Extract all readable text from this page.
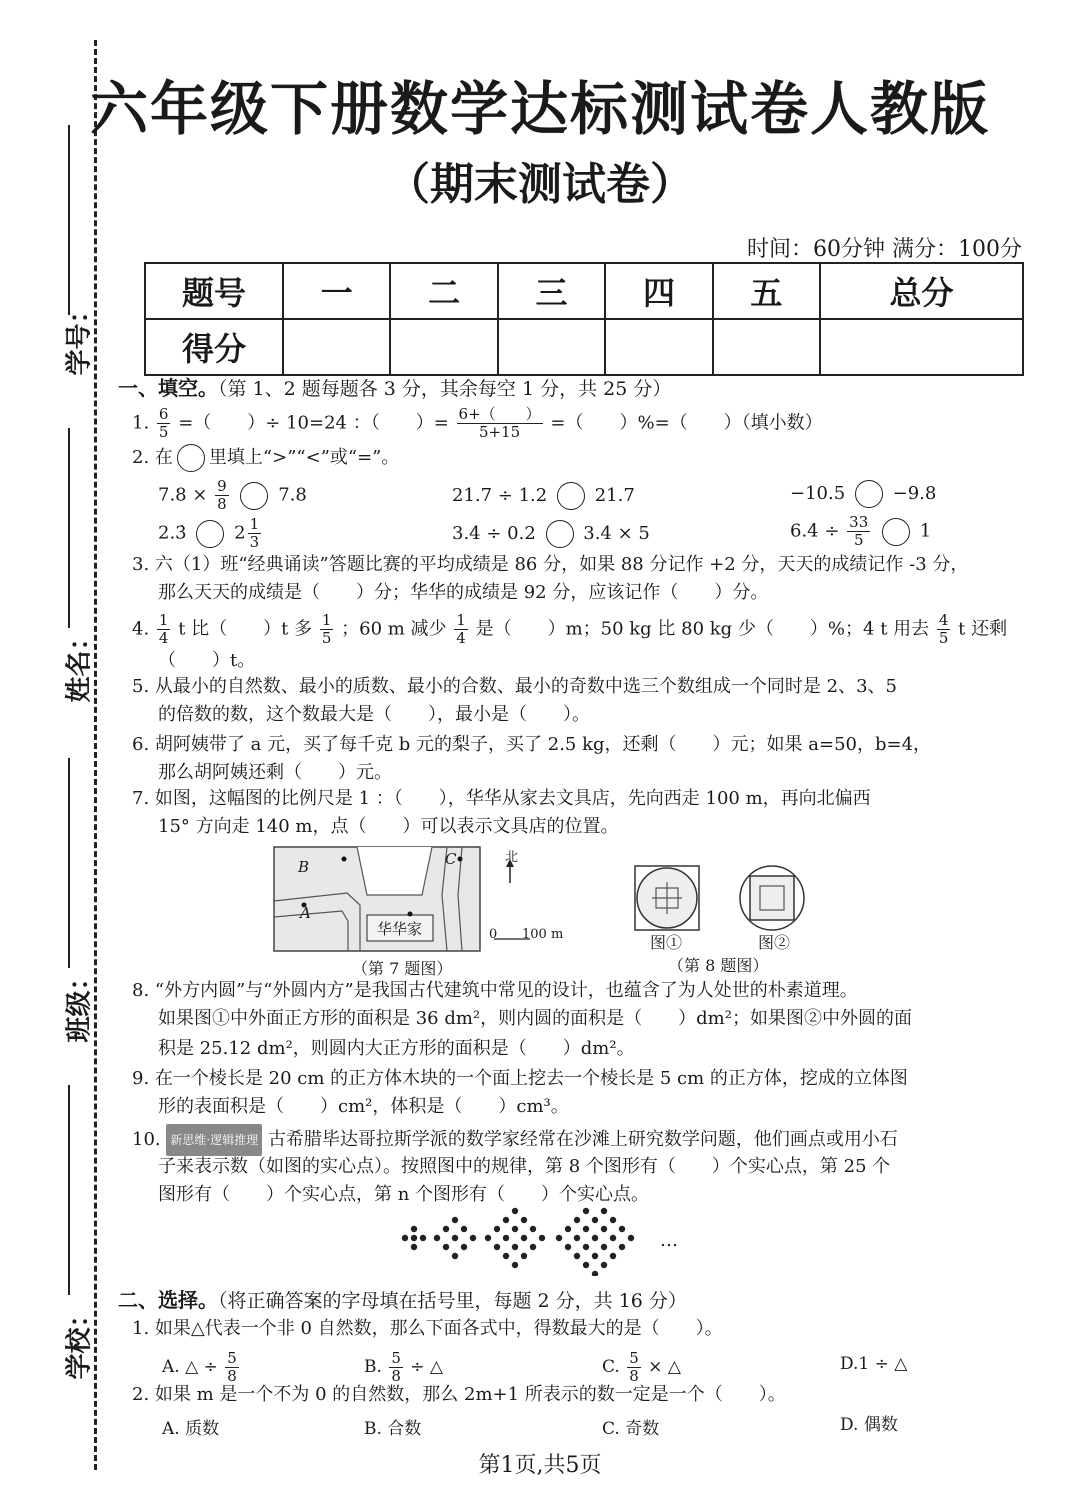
学号：
姓名：
班级：
学校：
六年级下册数学达标测试卷人教版
（期末测试卷）
时间：60分钟 满分：100分
题号	一	二	三	四	五	总分
得分						
一、填空。（第 1、2 题每题各 3 分，其余每空 1 分，共 25 分）
1. $\frac{6}{5}$ =（　　）÷ 10=24 ：（　　）= $\frac{6+( )}{5+15}$ =（　　）%=（　　）（填小数）
2. 在 里填上“>”“<”或“=”。
$7.8 \times \frac{9}{8}$	7.8	21.7 ÷ 1.2	21.7	−10.5	−9.8
2.3̇	$2 \frac{1}{3}$	3.4 ÷ 0.2	3.4 × 5	$6.4 \div \frac{33}{5}$	1
3. 六（1）班“经典诵读”答题比赛的平均成绩是 86 分，如果 88 分记作 +2 分，天天的成绩记作 -3 分，
那么天天的成绩是（　　）分；华华的成绩是 92 分，应该记作（　　）分。
4. $\frac{1}{4}$ t 比（　　）t 多 $\frac{1}{5}$ ；60 m 减少 $\frac{1}{4}$ 是（　　）m；50 kg 比 80 kg 少（　　）%；4 t 用去 $\frac{4}{5}$ t 还剩
（　　）t。
5. 从最小的自然数、最小的质数、最小的合数、最小的奇数中选三个数组成一个同时是 2、3、5
的倍数的数，这个数最大是（　　），最小是（　　）。
6. 胡阿姨带了 a 元，买了每千克 b 元的梨子，买了 2.5 kg，还剩（　　）元；如果 a=50，b=4，
那么胡阿姨还剩（　　）元。
7. 如图，这幅图的比例尺是 1 ：（　　），华华从家去文具店，先向西走 100 m，再向北偏西
15° 方向走 140 m，点（　　）可以表示文具店的位置。
B
A
C
华华家
北
0 100 m
（第 7 题图）
图①	图②
（第 8 题图）
8. “外方内圆”与“外圆内方”是我国古代建筑中常见的设计，也蕴含了为人处世的朴素道理。
如果图①中外面正方形的面积是 36 dm²，则内圆的面积是（　　）dm²；如果图②中外圆的面
积是 25.12 dm²，则圆内大正方形的面积是（　　）dm²。
9. 在一个棱长是 20 cm 的正方体木块的一个面上挖去一个棱长是 5 cm 的正方体，挖成的立体图
形的表面积是（　　）cm²，体积是（　　）cm³。
10. 新思维·逻辑推理 古希腊毕达哥拉斯学派的数学家经常在沙滩上研究数学问题，他们画点或用小石
子来表示数（如图的实心点）。按照图中的规律，第 8 个图形有（　　）个实心点，第 25 个
图形有（　　）个实心点，第 n 个图形有（　　）个实心点。
…
二、选择。（将正确答案的字母填在括号里，每题 2 分，共 16 分）
1. 如果△代表一个非 0 自然数，那么下面各式中，得数最大的是（　　）。
A. △ ÷ $\frac{5}{8}$	B. $\frac{5}{8}$ ÷ △	C. $\frac{5}{8}$ × △	D.1 ÷ △
2. 如果 m 是一个不为 0 的自然数，那么 2m+1 所表示的数一定是一个（　　）。
A. 质数	B. 合数	C. 奇数	D. 偶数
第1页,共5页
